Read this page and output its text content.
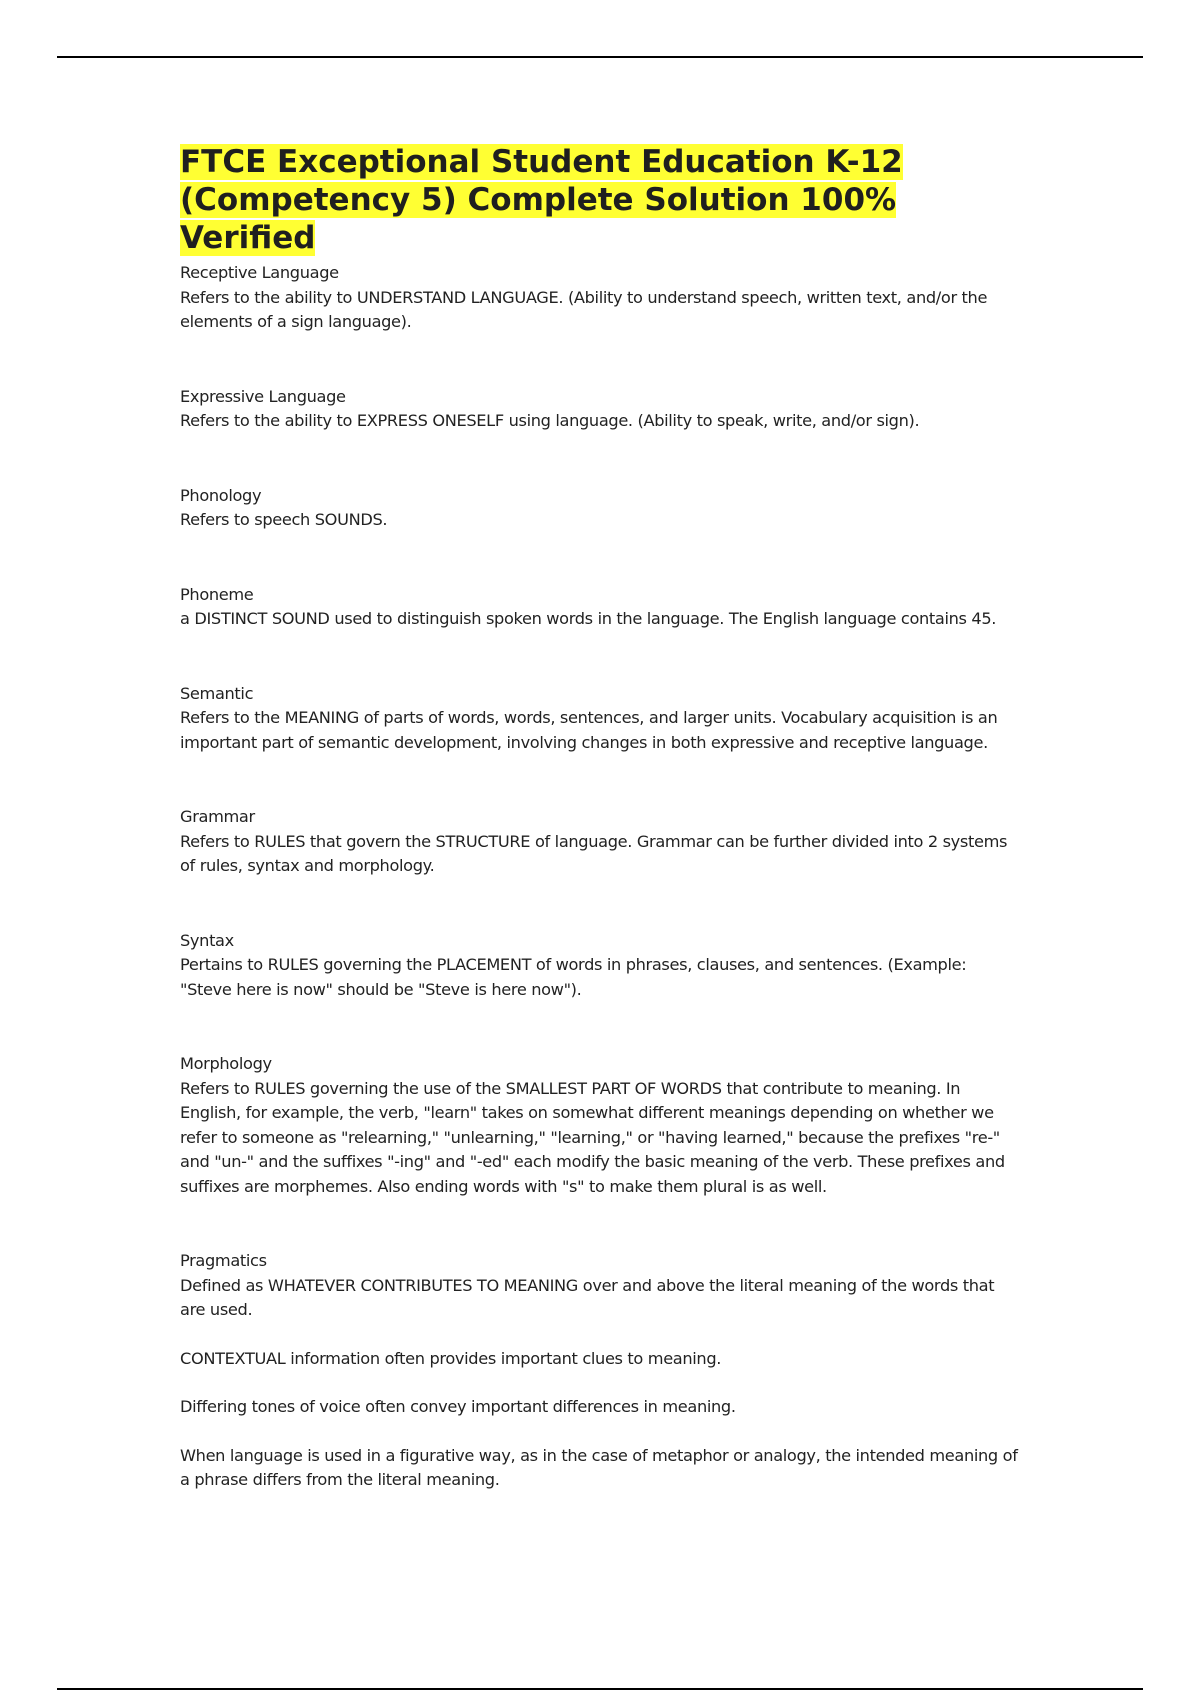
FTCE Exceptional Student Education K-12 (Competency 5) Complete Solution 100% Verified

Receptive Language

Refers to the ability to UNDERSTAND LANGUAGE. (Ability to understand speech, written text, and/or the elements of a sign language).

Expressive Language

Refers to the ability to EXPRESS ONESELF using language. (Ability to speak, write, and/or sign).

Phonology

Refers to speech SOUNDS.

Phoneme

a DISTINCT SOUND used to distinguish spoken words in the language. The English language contains 45.

Semantic

Refers to the MEANING of parts of words, words, sentences, and larger units. Vocabulary acquisition is an important part of semantic development, involving changes in both expressive and receptive language.

Grammar

Refers to RULES that govern the STRUCTURE of language. Grammar can be further divided into 2 systems of rules, syntax and morphology.

Syntax

Pertains to RULES governing the PLACEMENT of words in phrases, clauses, and sentences. (Example: "Steve here is now" should be "Steve is here now").

Morphology

Refers to RULES governing the use of the SMALLEST PART OF WORDS that contribute to meaning. In English, for example, the verb, "learn" takes on somewhat different meanings depending on whether we refer to someone as "relearning," "unlearning," "learning," or "having learned," because the prefixes "re-" and "un-" and the suffixes "-ing" and "-ed" each modify the basic meaning of the verb. These prefixes and suffixes are morphemes. Also ending words with "s" to make them plural is as well.

Pragmatics

Defined as WHATEVER CONTRIBUTES TO MEANING over and above the literal meaning of the words that are used.

CONTEXTUAL information often provides important clues to meaning.

Differing tones of voice often convey important differences in meaning.

When language is used in a figurative way, as in the case of metaphor or analogy, the intended meaning of a phrase differs from the literal meaning.
